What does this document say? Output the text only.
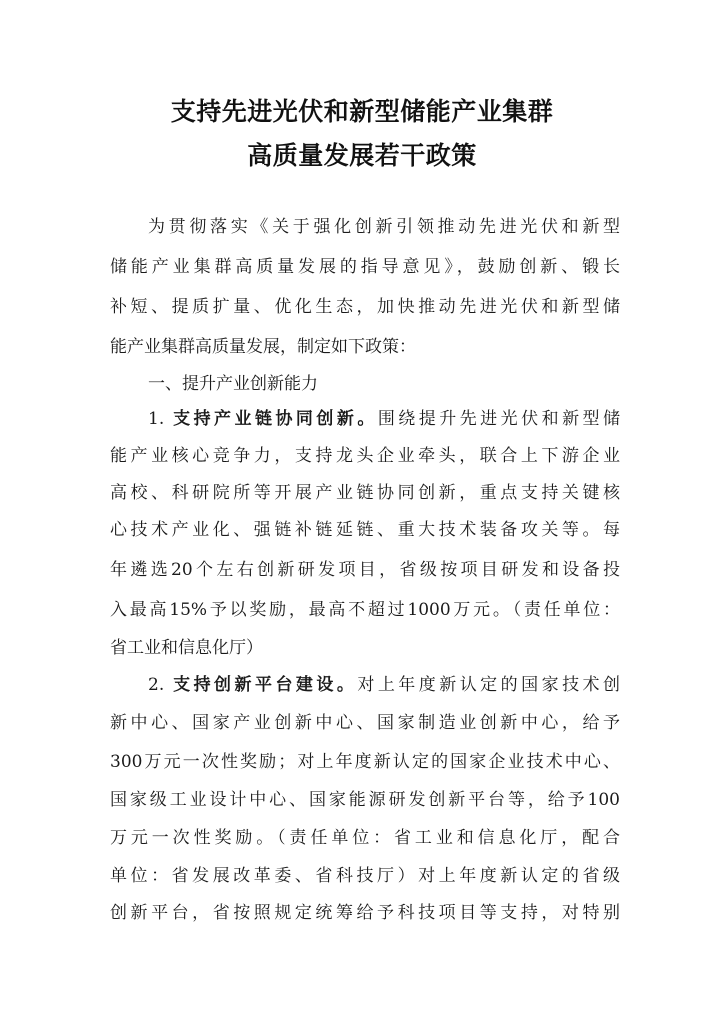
支持先进光伏和新型储能产业集群
高质量发展若干政策
为贯彻落实《关于强化创新引领推动先进光伏和新型
储能产业集群高质量发展的指导意见》，鼓励创新、锻长
补短、提质扩量、优化生态，加快推动先进光伏和新型储
能产业集群高质量发展，制定如下政策：
一、提升产业创新能力
1. 支持产业链协同创新。围绕提升先进光伏和新型储
能产业核心竞争力，支持龙头企业牵头，联合上下游企业
高校、科研院所等开展产业链协同创新，重点支持关键核
心技术产业化、强链补链延链、重大技术装备攻关等。每
年遴选20个左右创新研发项目，省级按项目研发和设备投
入最高15%予以奖励，最高不超过1000万元。（责任单位：
省工业和信息化厅）
2. 支持创新平台建设。对上年度新认定的国家技术创
新中心、国家产业创新中心、国家制造业创新中心，给予
300万元一次性奖励；对上年度新认定的国家企业技术中心、
国家级工业设计中心、国家能源研发创新平台等，给予100
万元一次性奖励。（责任单位：省工业和信息化厅，配合
单位：省发展改革委、省科技厅）对上年度新认定的省级
创新平台，省按照规定统筹给予科技项目等支持，对特别
